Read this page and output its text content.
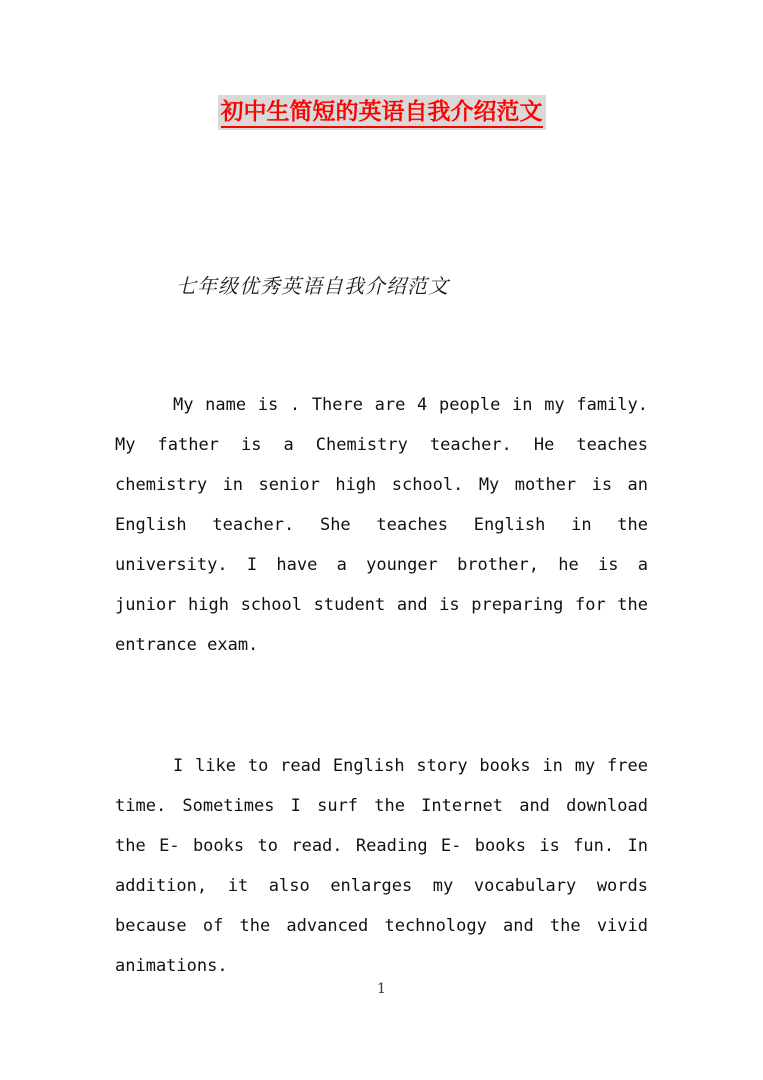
初中生简短的英语自我介绍范文
七年级优秀英语自我介绍范文
My name is . There are 4 people in my family.
My father is a Chemistry teacher. He teaches
chemistry in senior high school. My mother is an
English teacher. She teaches English in the
university. I have a younger brother, he is a
junior high school student and is preparing for the
entrance exam.
I like to read English story books in my free
time. Sometimes I surf the Internet and download
the E- books to read. Reading E- books is fun. In
addition, it also enlarges my vocabulary words
because of the advanced technology and the vivid
animations.
1
